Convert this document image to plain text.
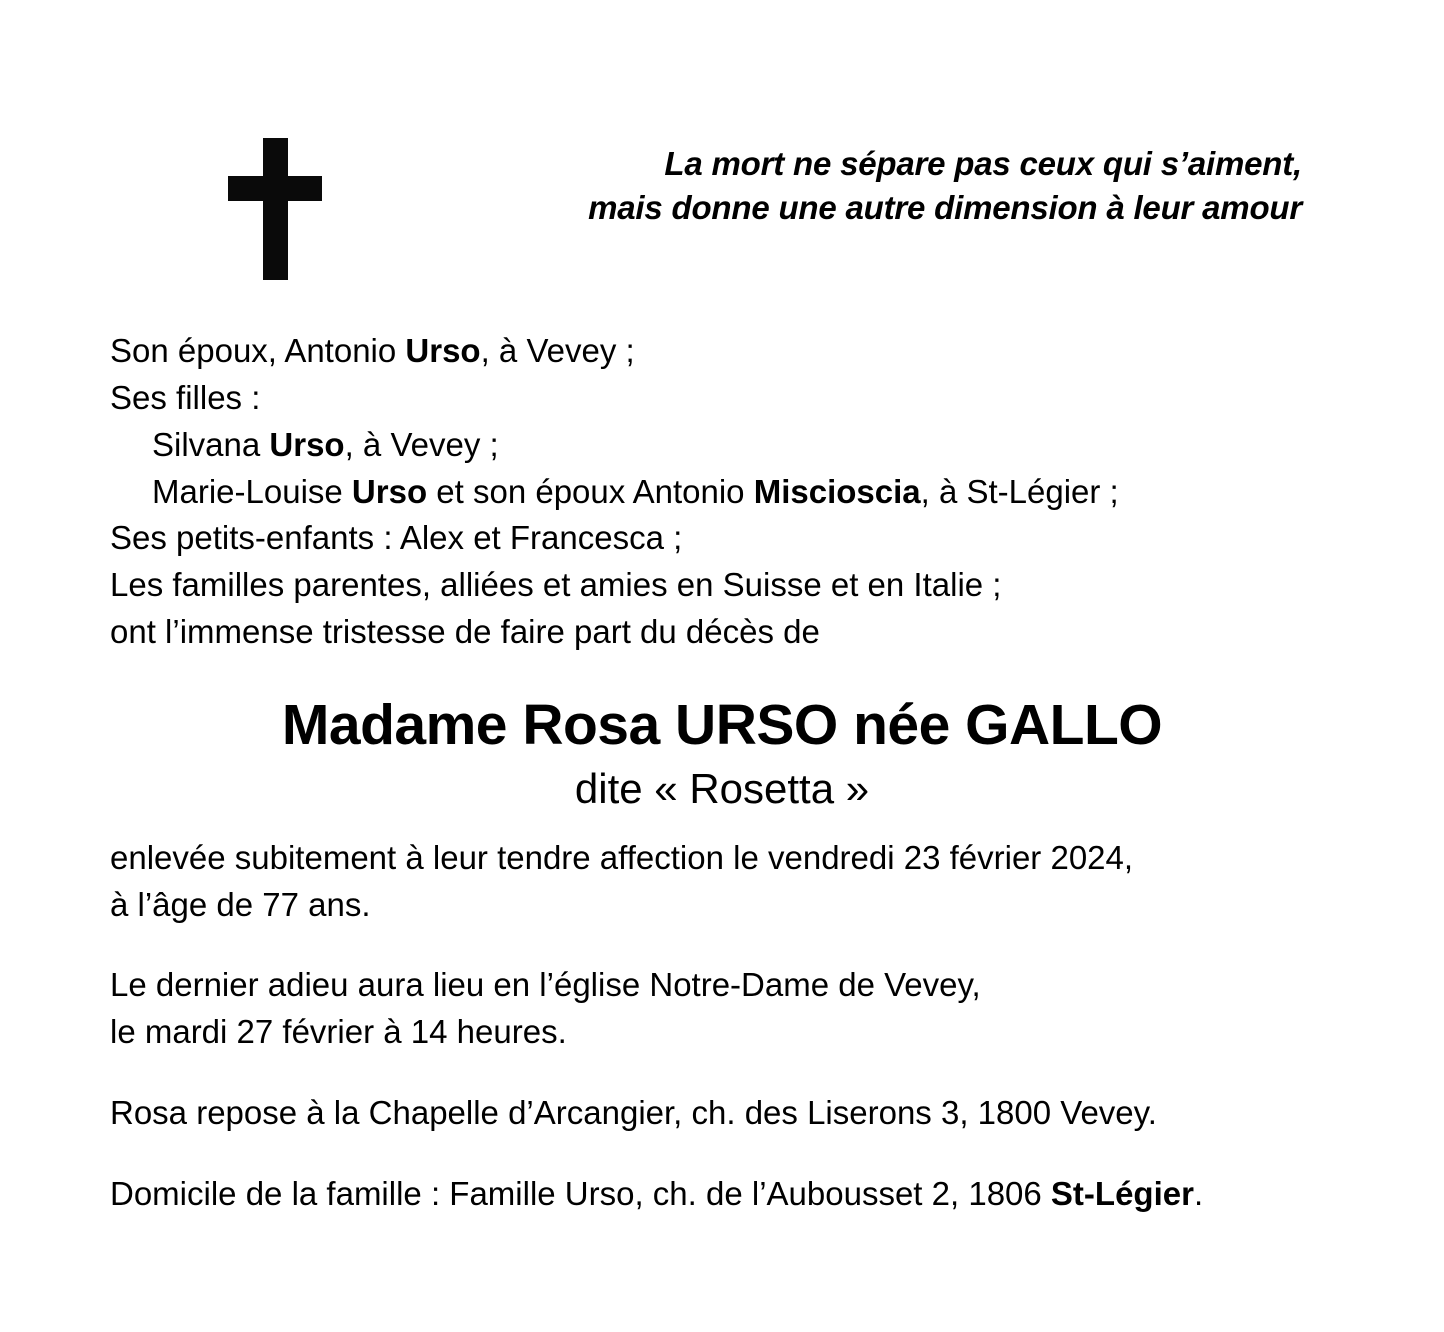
La mort ne sépare pas ceux qui s’aiment,
mais donne une autre dimension à leur amour
Son époux, Antonio Urso, à Vevey ;
Ses filles :
Silvana Urso, à Vevey ;
Marie-Louise Urso et son époux Antonio Miscioscia, à St-Légier ;
Ses petits-enfants : Alex et Francesca ;
Les familles parentes, alliées et amies en Suisse et en Italie ;
ont l’immense tristesse de faire part du décès de
Madame Rosa URSO née GALLO
dite « Rosetta »
enlevée subitement à leur tendre affection le vendredi 23 février 2024,
à l’âge de 77 ans.
Le dernier adieu aura lieu en l’église Notre-Dame de Vevey,
le mardi 27 février à 14 heures.
Rosa repose à la Chapelle d’Arcangier, ch. des Liserons 3, 1800 Vevey.
Domicile de la famille : Famille Urso, ch. de l’Aubousset 2, 1806 St-Légier.
